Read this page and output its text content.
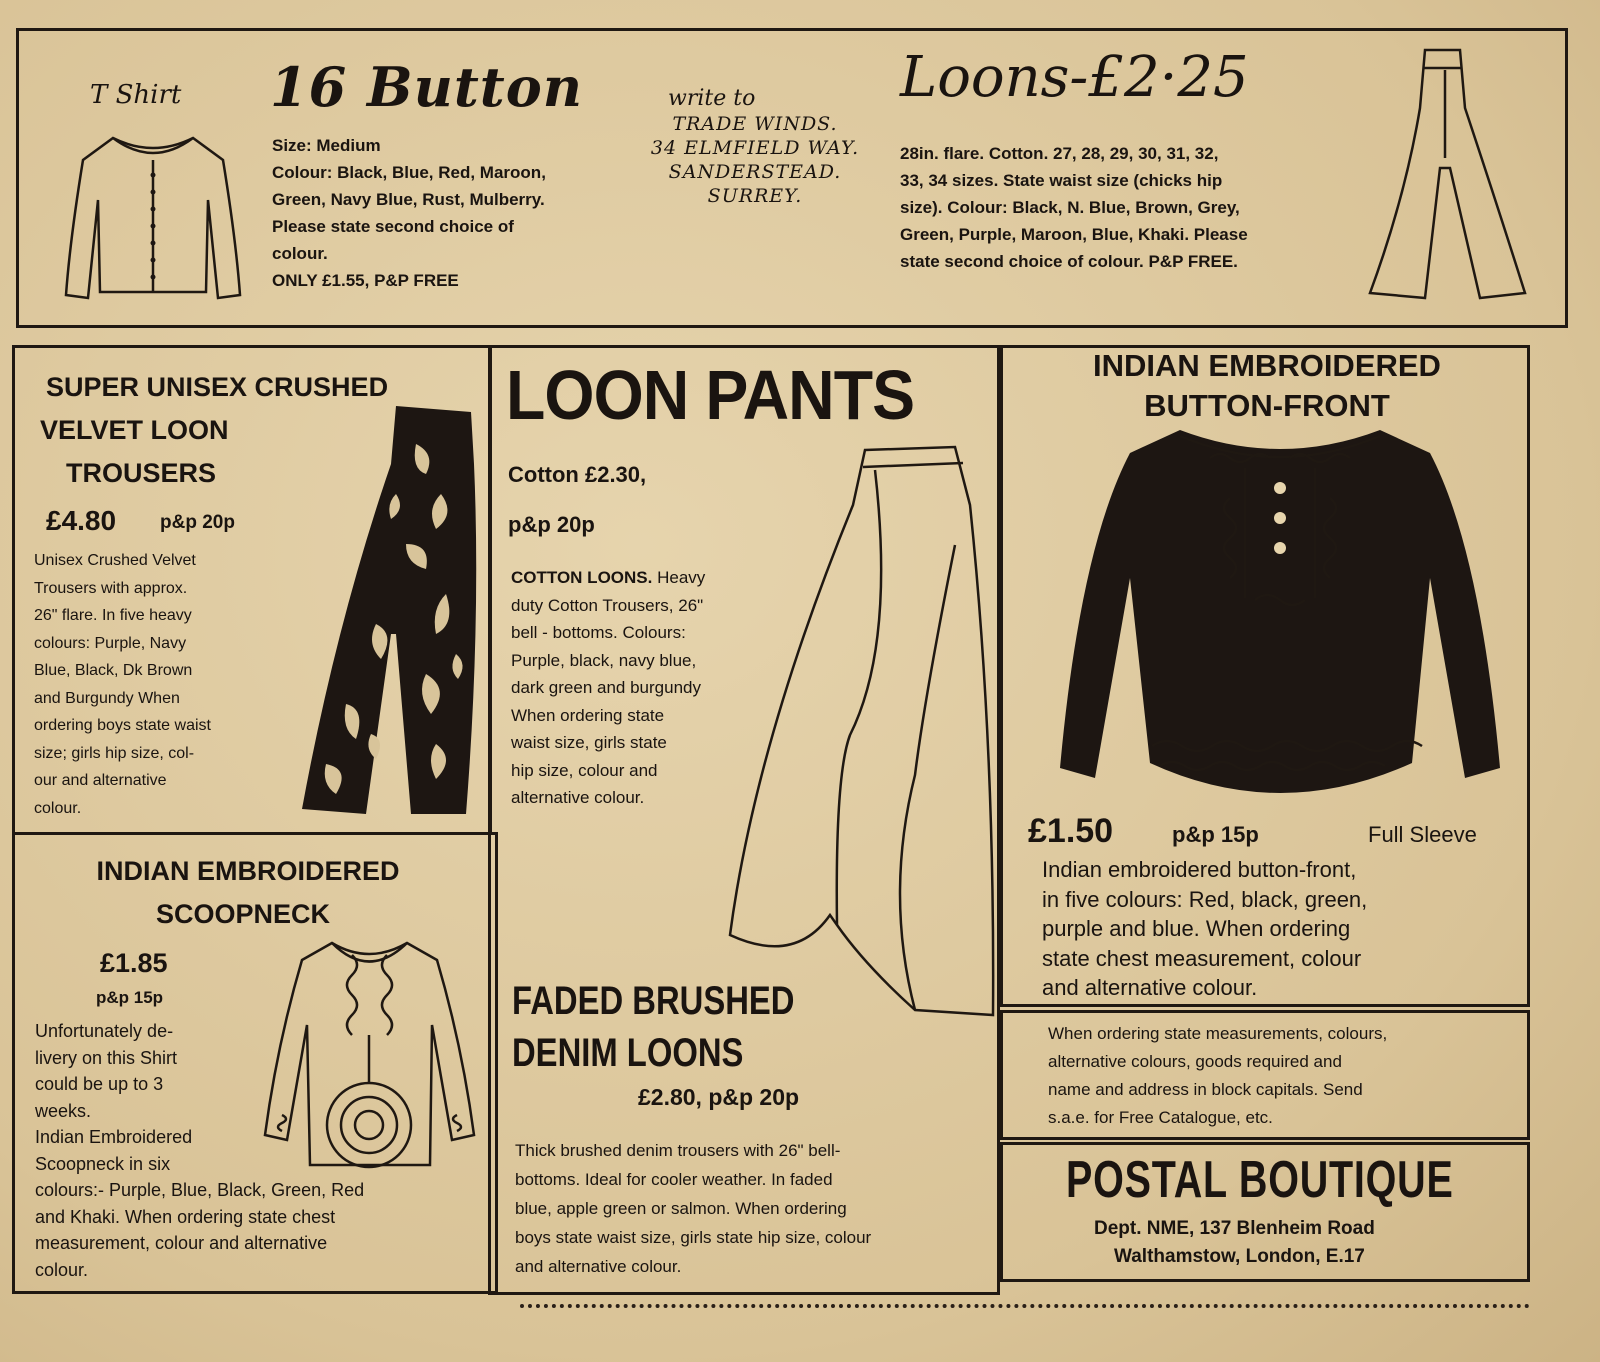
T Shirt 16 Button
Size: Medium
Colour: Black, Blue, Red, Maroon,
Green, Navy Blue, Rust, Mulberry.
Please state second choice of
colour.
ONLY £1.55, P&P FREE
write to
TRADE WINDS.
34 ELMFIELD WAY.
SANDERSTEAD.
SURREY.
Loons-£2·25
28in. flare. Cotton. 27, 28, 29, 30, 31, 32,
33, 34 sizes. State waist size (chicks hip
size). Colour: Black, N. Blue, Brown, Grey,
Green, Purple, Maroon, Blue, Khaki. Please
state second choice of colour. P&P FREE.
SUPER UNISEX CRUSHED
VELVET LOON
TROUSERS
£4.80 p&p 20p
Unisex Crushed Velvet
Trousers with approx.
26" flare. In five heavy
colours: Purple, Navy
Blue, Black, Dk Brown
and Burgundy When
ordering boys state waist
size; girls hip size, col-
our and alternative
colour.
INDIAN EMBROIDERED
SCOOPNECK
£1.85
p&p 15p
Unfortunately de-
livery on this Shirt
could be up to 3
weeks.
Indian Embroidered
Scoopneck in six
colours:- Purple, Blue, Black, Green, Red
and Khaki. When ordering state chest
measurement, colour and alternative
colour.
LOON PANTS
Cotton £2.30,
p&p 20p
COTTON LOONS. Heavy
duty Cotton Trousers, 26"
bell - bottoms. Colours:
Purple, black, navy blue,
dark green and burgundy
When ordering state
waist size, girls state
hip size, colour and
alternative colour.
FADED BRUSHED
DENIM LOONS
£2.80, p&p 20p
Thick brushed denim trousers with 26" bell-
bottoms. Ideal for cooler weather. In faded
blue, apple green or salmon. When ordering
boys state waist size, girls state hip size, colour
and alternative colour.
INDIAN EMBROIDERED
BUTTON-FRONT
£1.50	p&p 15p	Full Sleeve
Indian embroidered button-front,
in five colours: Red, black, green,
purple and blue. When ordering
state chest measurement, colour
and alternative colour.
When ordering state measurements, colours,
alternative colours, goods required and
name and address in block capitals. Send
s.a.e. for Free Catalogue, etc.
POSTAL BOUTIQUE
Dept. NME, 137 Blenheim Road
Walthamstow, London, E.17
